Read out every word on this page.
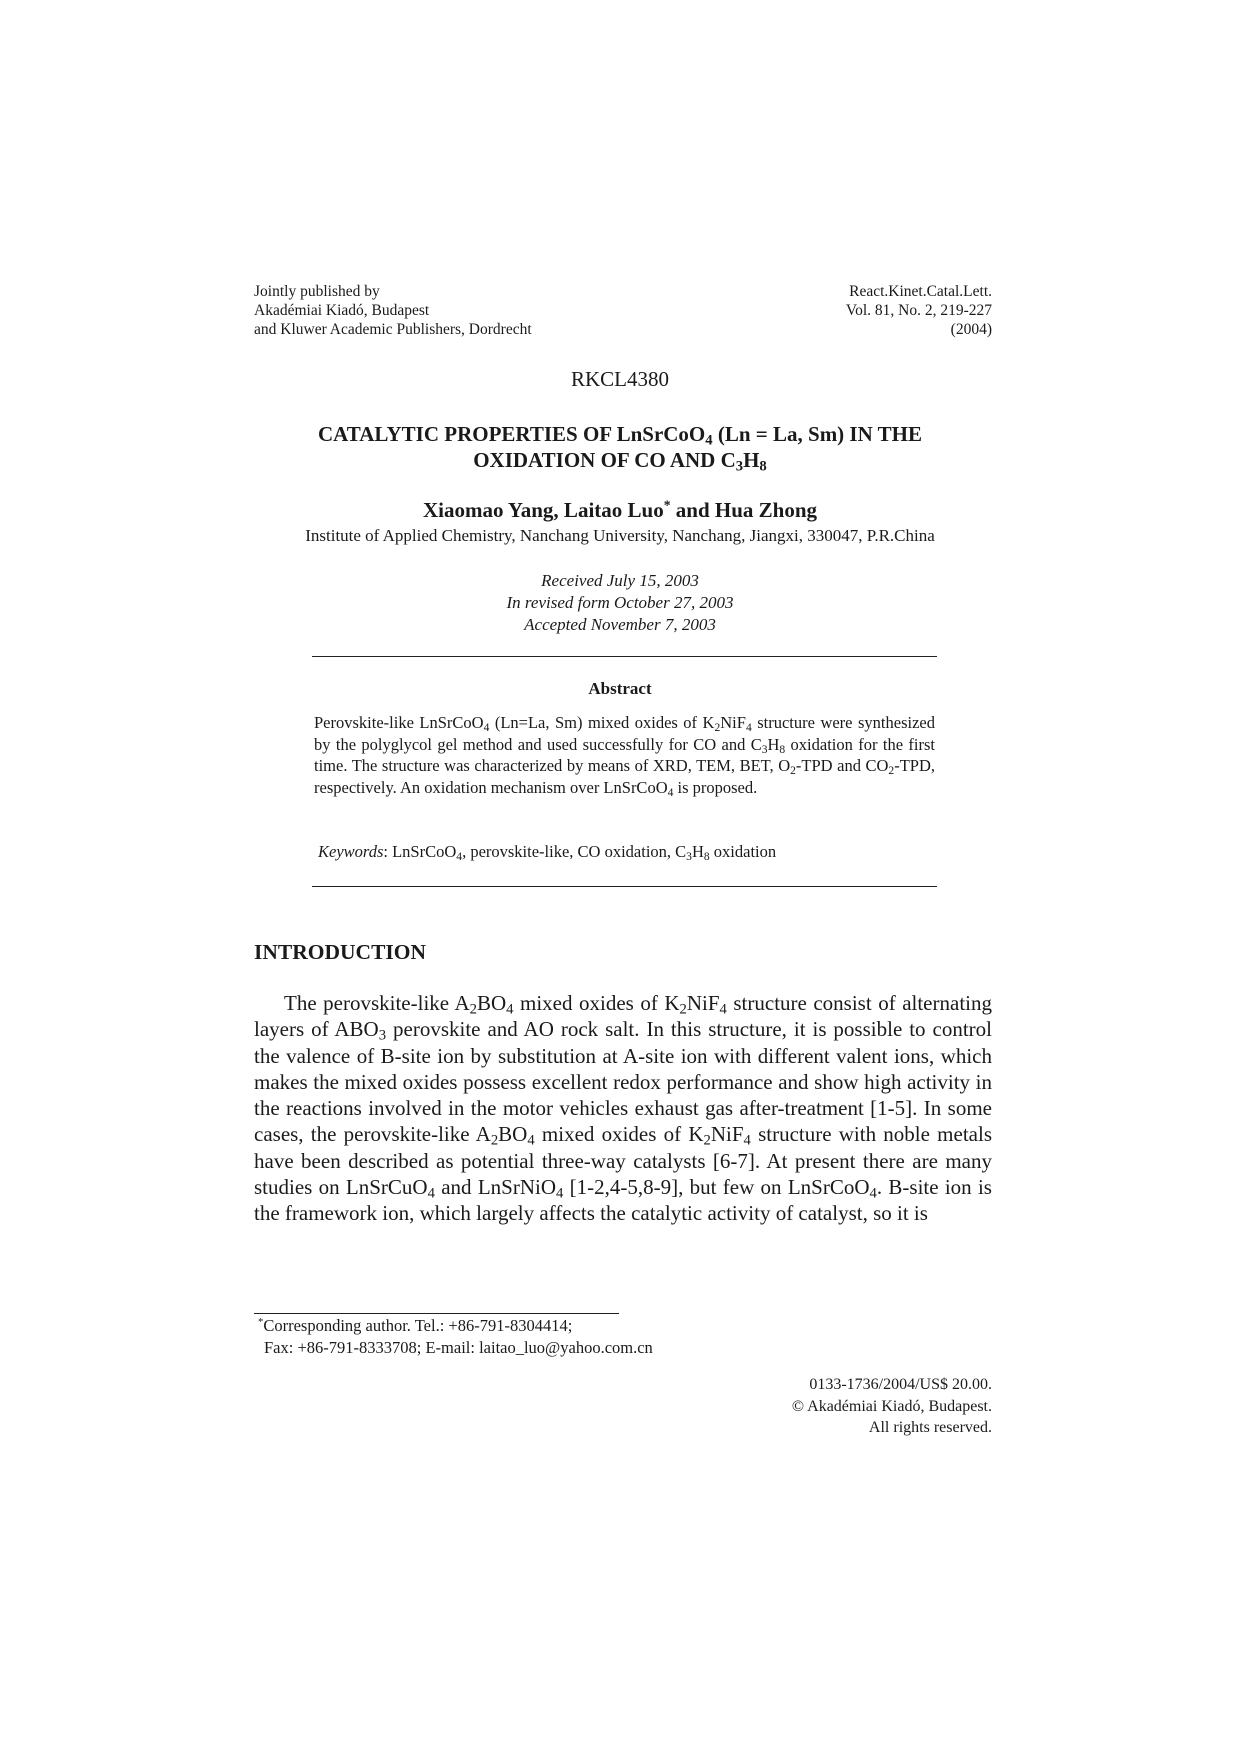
Jointly published by
Akadémiai Kiadó, Budapest
and Kluwer Academic Publishers, Dordrecht
React.Kinet.Catal.Lett.
Vol. 81, No. 2, 219-227
(2004)
RKCL4380
CATALYTIC PROPERTIES OF LnSrCoO$_4$ (Ln = La, Sm) IN THE
OXIDATION OF CO AND $C_3H_8$
Xiaomao Yang, Laitao Luo* and Hua Zhong
Institute of Applied Chemistry, Nanchang University, Nanchang, Jiangxi, 330047, P.R.China
Received July 15, 2003
In revised form October 27, 2003
Accepted November 7, 2003
Abstract
Perovskite-like LnSrCoO$_4$ (Ln=La, Sm) mixed oxides of $K_2NiF_4$ structure were synthesized by the polyglycol gel method and used successfully for CO and $C_3H_8$ oxidation for the first time. The structure was characterized by means of XRD, TEM, BET, $O_2$-TPD and $CO_2$-TPD, respectively. An oxidation mechanism over LnSrCoO$_4$ is proposed.
Keywords: LnSrCoO$_4$, perovskite-like, CO oxidation, $C_3H_8$ oxidation
INTRODUCTION
The perovskite-like $A_2BO_4$ mixed oxides of $K_2NiF_4$ structure consist of alternating layers of $ABO_3$ perovskite and AO rock salt. In this structure, it is possible to control the valence of B-site ion by substitution at A-site ion with different valent ions, which makes the mixed oxides possess excellent redox performance and show high activity in the reactions involved in the motor vehicles exhaust gas after-treatment [1-5]. In some cases, the perovskite-like $A_2BO_4$ mixed oxides of $K_2NiF_4$ structure with noble metals have been described as potential three-way catalysts [6-7]. At present there are many studies on LnSrCuO$_4$ and LnSrNiO$_4$ [1-2,4-5,8-9], but few on LnSrCoO$_4$. B-site ion is the framework ion, which largely affects the catalytic activity of catalyst, so it is
*Corresponding author. Tel.: +86-791-8304414;
Fax: +86-791-8333708; E-mail: laitao_luo@yahoo.com.cn
0133-1736/2004/US$ 20.00.
© Akadémiai Kiadó, Budapest.
All rights reserved.
